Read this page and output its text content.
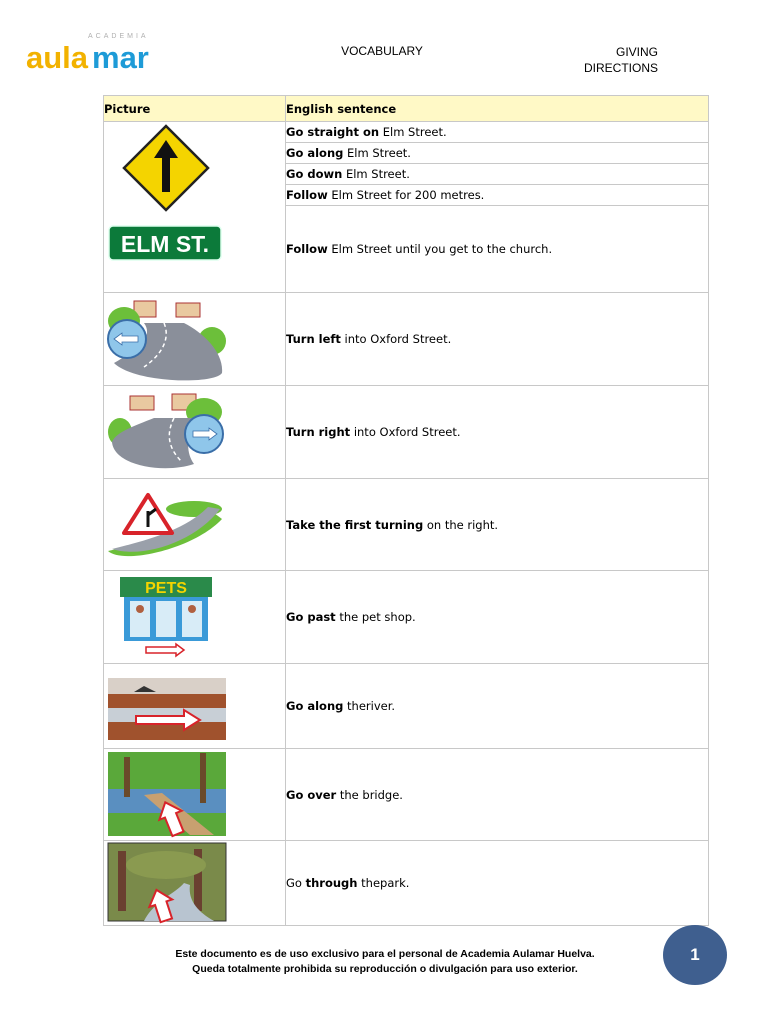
ACADEMIA
aula mar	VOCABULARY	GIVING
DIRECTIONS
Picture	English sentence

ELM ST.	Go straight on Elm Street.
	Go along Elm Street.
	Go down Elm Street.
	Follow Elm Street for 200 metres.
	Follow Elm Street until you get to the church.

	Turn left into Oxford Street.

	Turn right into Oxford Street.

	Take the first turning on the right.

PETS	Go past the pet shop.

	Go along theriver.

	Go over the bridge.

	Go through thepark.
Este documento es de uso exclusivo para el personal de Academia Aulamar Huelva.
Queda totalmente prohibida su reproducción o divulgación para uso exterior.
1
